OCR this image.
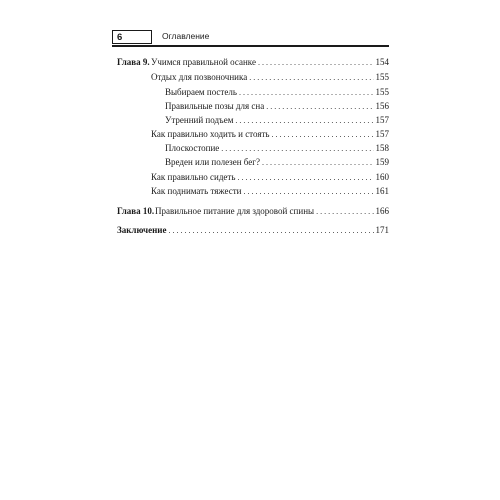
6	Оглавление
Глава 9. Учимся правильной осанке . . .	154
Отдых для позвоночника . . .	155
Выбираем постель . . .	155
Правильные позы для сна . . .	156
Утренний подъем . . .	157
Как правильно ходить и стоять . . .	157
Плоскостопие . . .	158
Вреден или полезен бег? . . .	159
Как правильно сидеть . . .	160
Как поднимать тяжести . . .	161
Глава 10. Правильное питание для здоровой спины . . .	166
Заключение . . .	171
